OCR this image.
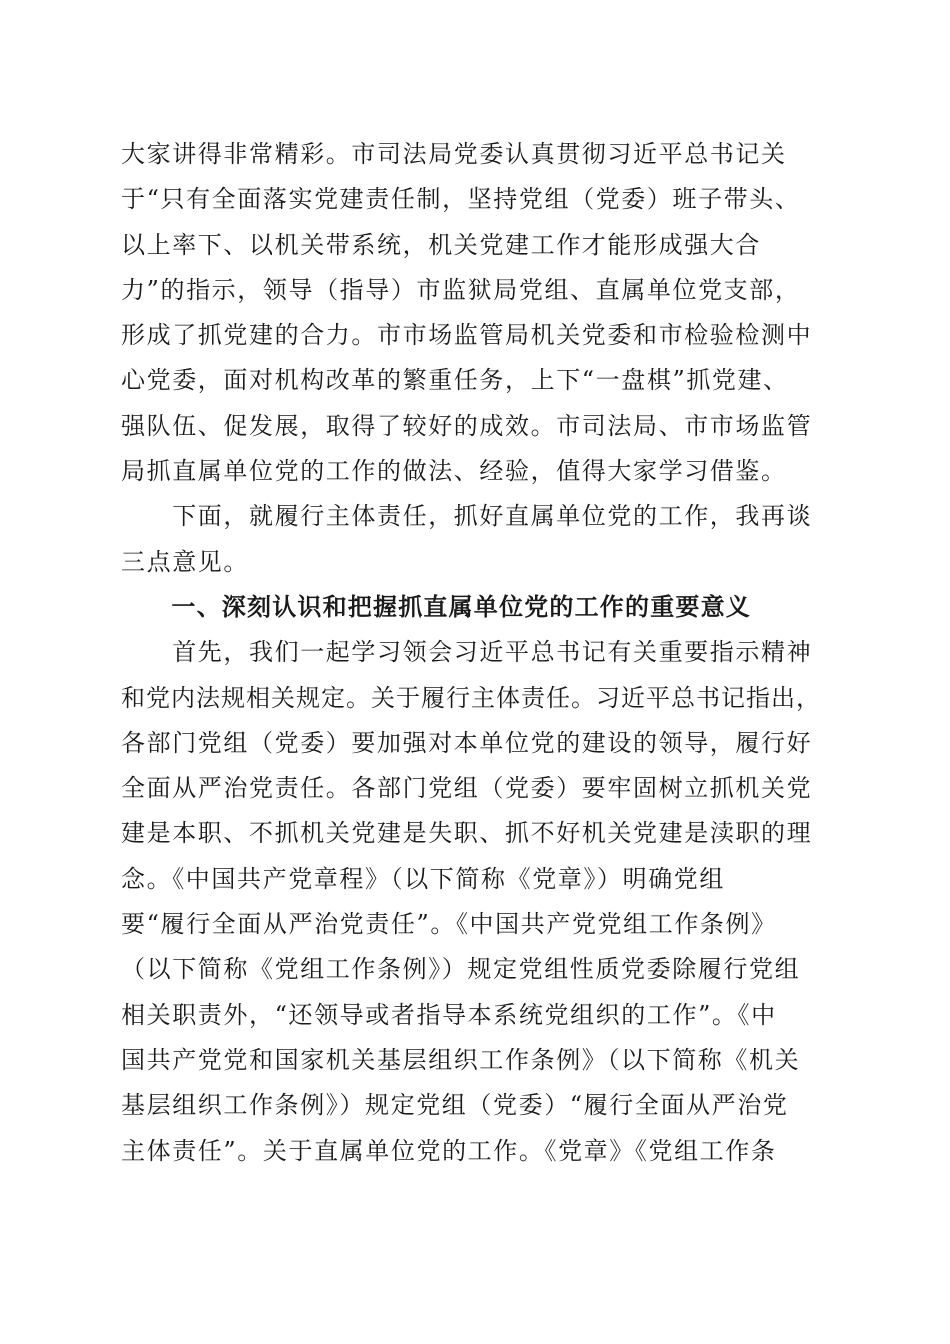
大家讲得非常精彩。市司法局党委认真贯彻习近平总书记关
于“只有全面落实党建责任制，坚持党组（党委）班子带头、
以上率下、以机关带系统，机关党建工作才能形成强大合
力”的指示，领导（指导）市监狱局党组、直属单位党支部，
形成了抓党建的合力。市市场监管局机关党委和市检验检测中
心党委，面对机构改革的繁重任务，上下“一盘棋”抓党建、
强队伍、促发展，取得了较好的成效。市司法局、市市场监管
局抓直属单位党的工作的做法、经验，值得大家学习借鉴。
　　下面，就履行主体责任，抓好直属单位党的工作，我再谈
三点意见。
　　一、深刻认识和把握抓直属单位党的工作的重要意义
　　首先，我们一起学习领会习近平总书记有关重要指示精神
和党内法规相关规定。关于履行主体责任。习近平总书记指出，
各部门党组（党委）要加强对本单位党的建设的领导，履行好
全面从严治党责任。各部门党组（党委）要牢固树立抓机关党
建是本职、不抓机关党建是失职、抓不好机关党建是渎职的理
念。《中国共产党章程》（以下简称《党章》）明确党组
要“履行全面从严治党责任”。《中国共产党党组工作条例》
（以下简称《党组工作条例》）规定党组性质党委除履行党组
相关职责外，“还领导或者指导本系统党组织的工作”。《中
国共产党党和国家机关基层组织工作条例》（以下简称《机关
基层组织工作条例》）规定党组（党委）“履行全面从严治党
主体责任”。关于直属单位党的工作。《党章》《党组工作条
